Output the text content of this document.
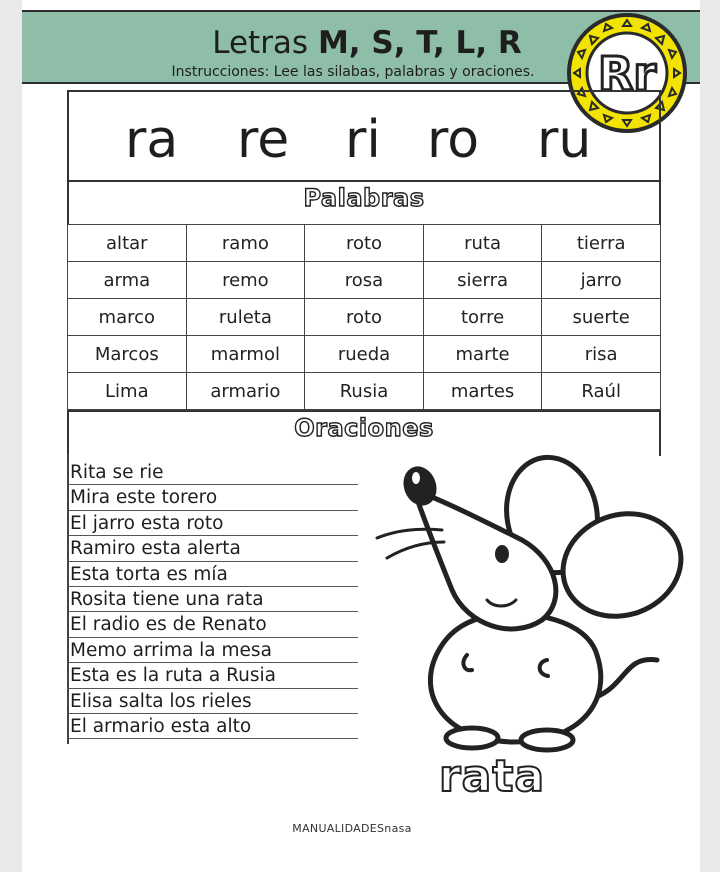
Letras M, S, T, L, R
Instrucciones: Lee las silabas, palabras y oraciones.	Rr
ra re ri ro ru
Palabras
altar	ramo	roto	ruta	tierra
arma	remo	rosa	sierra	jarro
marco	ruleta	roto	torre	suerte
Marcos	marmol	rueda	marte	risa
Lima	armario	Rusia	martes	Raúl
Oraciones
Rita se rie
Mira este torero
El jarro esta roto
Ramiro esta alerta
Esta torta es mía
Rosita tiene una rata
El radio es de Renato
Memo arrima la mesa
Esta es la ruta a Rusia
Elisa salta los rieles
El armario esta alto
rata
MANUALIDADESnasa
